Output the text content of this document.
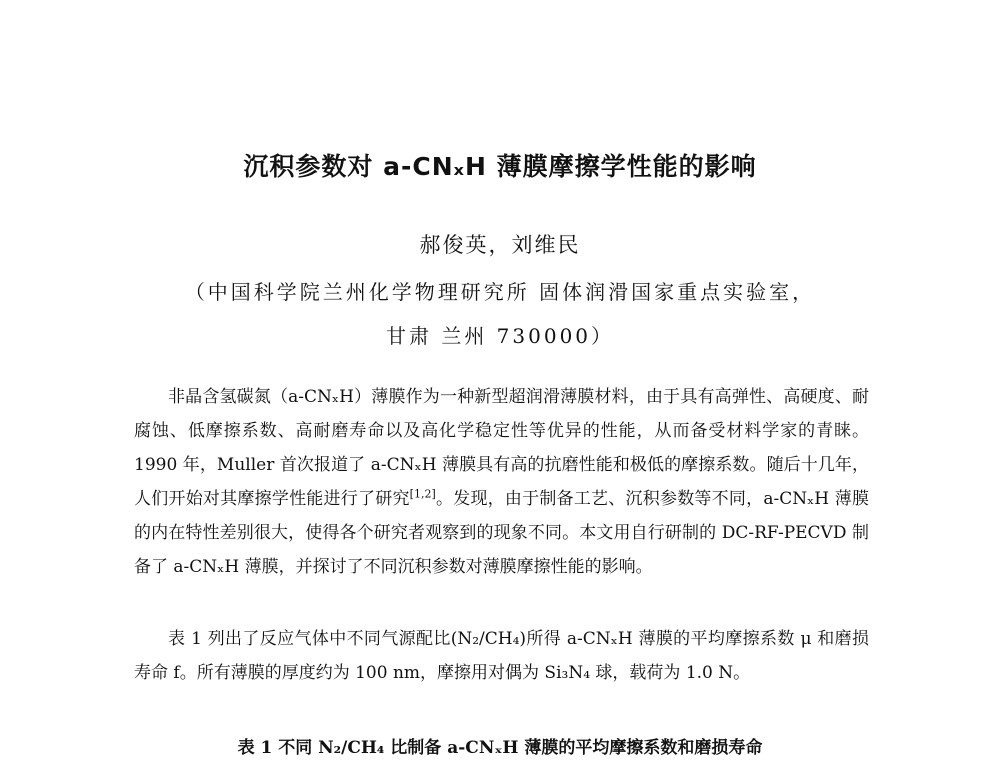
沉积参数对 a-CNₓH 薄膜摩擦学性能的影响
郝俊英，刘维民
（中国科学院兰州化学物理研究所 固体润滑国家重点实验室，
甘肃 兰州 730000）
非晶含氢碳氮（a-CNₓH）薄膜作为一种新型超润滑薄膜材料，由于具有高弹性、高硬度、耐腐蚀、低摩擦系数、高耐磨寿命以及高化学稳定性等优异的性能，从而备受材料学家的青睐。1990 年，Muller 首次报道了 a-CNₓH 薄膜具有高的抗磨性能和极低的摩擦系数。随后十几年，人们开始对其摩擦学性能进行了研究[1,2]。发现，由于制备工艺、沉积参数等不同，a-CNₓH 薄膜的内在特性差别很大，使得各个研究者观察到的现象不同。本文用自行研制的 DC-RF-PECVD 制备了 a-CNₓH 薄膜，并探讨了不同沉积参数对薄膜摩擦性能的影响。
表 1 列出了反应气体中不同气源配比(N₂/CH₄)所得 a-CNₓH 薄膜的平均摩擦系数 μ 和磨损寿命 f。所有薄膜的厚度约为 100 nm，摩擦用对偶为 Si₃N₄ 球，载荷为 1.0 N。
表 1 不同 N₂/CH₄ 比制备 a-CNₓH 薄膜的平均摩擦系数和磨损寿命
